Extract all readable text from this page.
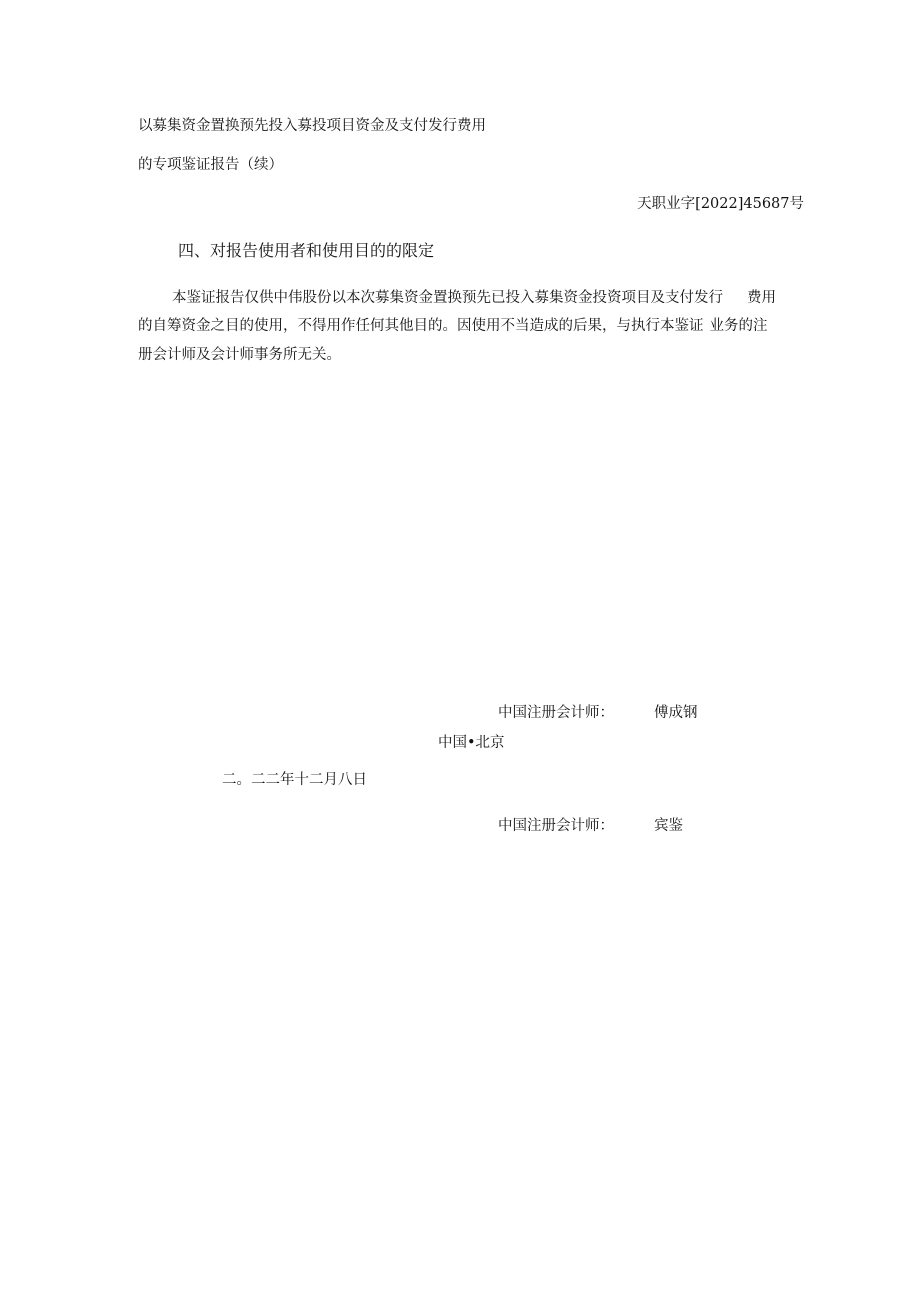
以募集资金置换预先投入募投项目资金及支付发行费用
的专项鉴证报告（续）
天职业字[2022]45687号
四、对报告使用者和使用目的的限定
本鉴证报告仅供中伟股份以本次募集资金置换预先已投入募集资金投资项目及支付发行 费用
的自筹资金之目的使用，不得用作任何其他目的。因使用不当造成的后果，与执行本鉴证 业务的注
册会计师及会计师事务所无关。
中国注册会计师：	傅成钢
中国•北京
二。二二年十二月八日
中国注册会计师：	宾鉴
